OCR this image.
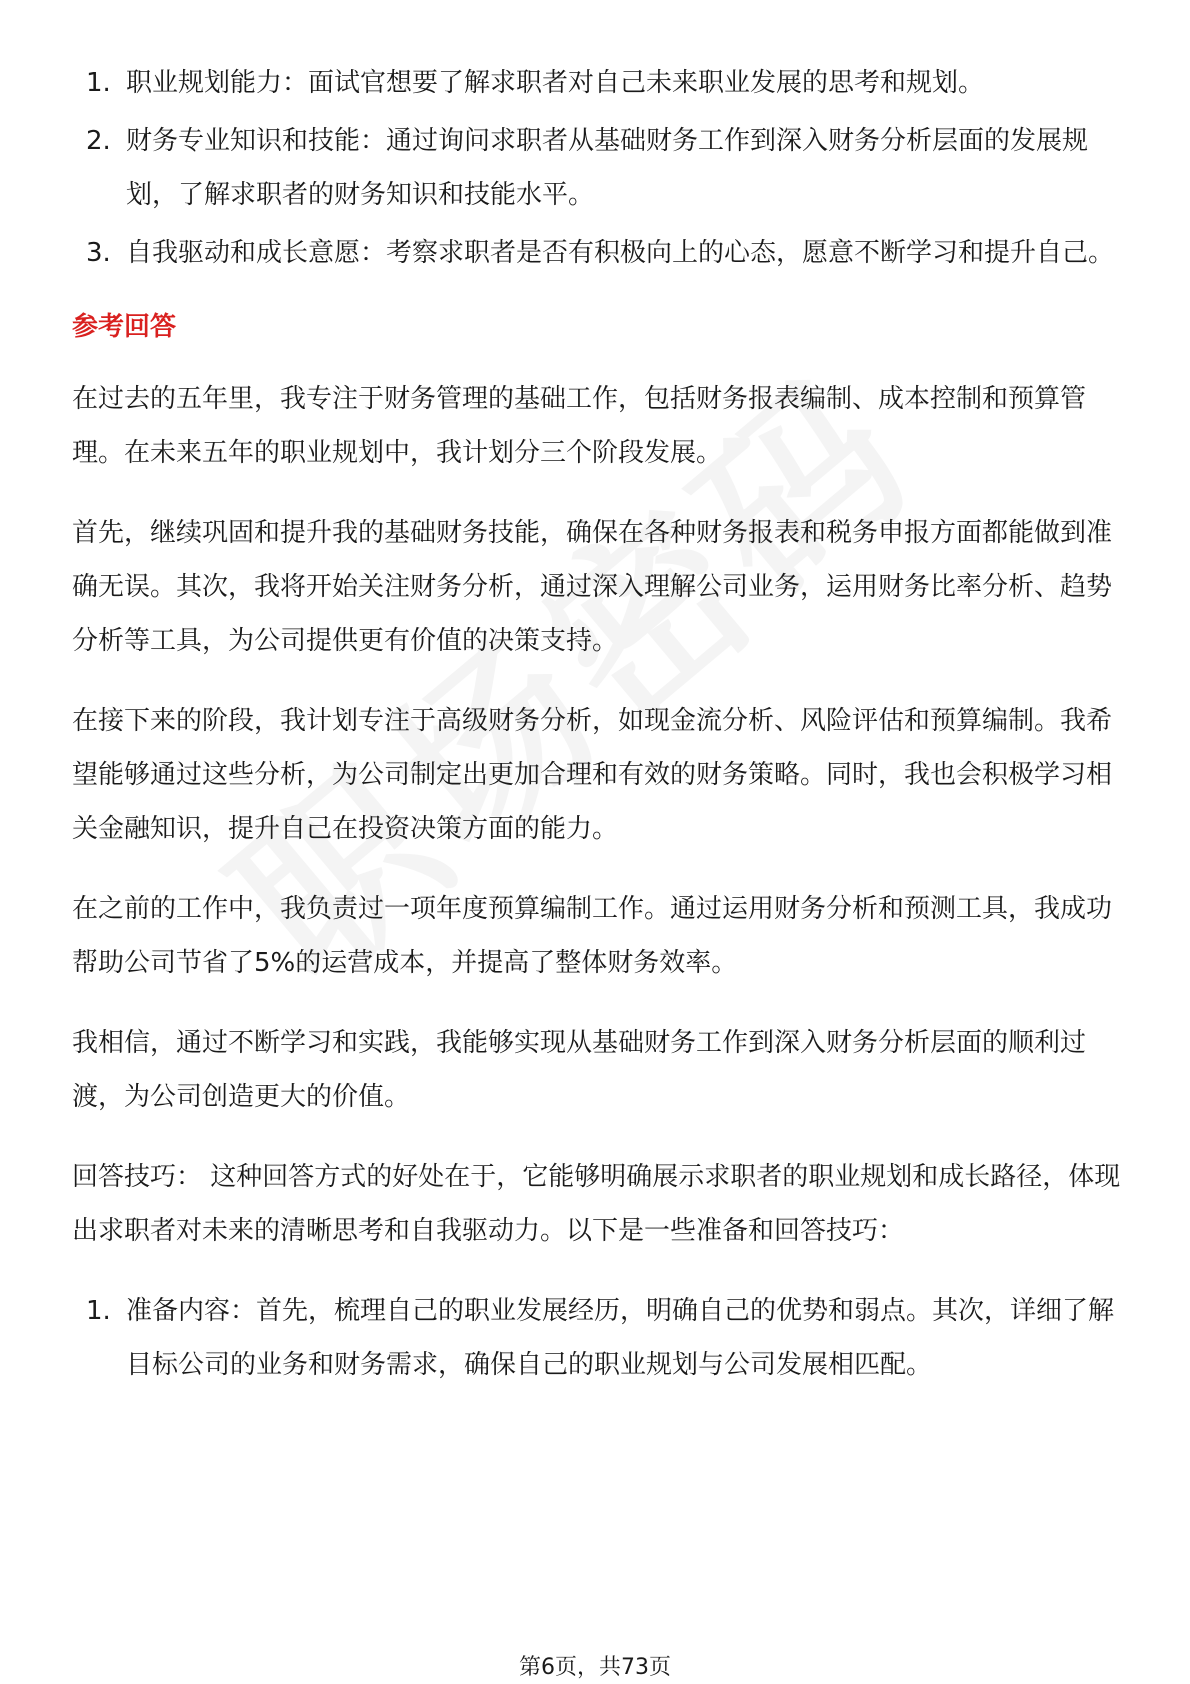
1. 职业规划能力：面试官想要了解求职者对自己未来职业发展的思考和规划。
2. 财务专业知识和技能：通过询问求职者从基础财务工作到深入财务分析层面的发展规划，了解求职者的财务知识和技能水平。
3. 自我驱动和成长意愿：考察求职者是否有积极向上的心态，愿意不断学习和提升自己。
参考回答

在过去的五年里，我专注于财务管理的基础工作，包括财务报表编制、成本控制和预算管理。在未来五年的职业规划中，我计划分三个阶段发展。

首先，继续巩固和提升我的基础财务技能，确保在各种财务报表和税务申报方面都能做到准确无误。其次，我将开始关注财务分析，通过深入理解公司业务，运用财务比率分析、趋势分析等工具，为公司提供更有价值的决策支持。

在接下来的阶段，我计划专注于高级财务分析，如现金流分析、风险评估和预算编制。我希望能够通过这些分析，为公司制定出更加合理和有效的财务策略。同时，我也会积极学习相关金融知识，提升自己在投资决策方面的能力。

在之前的工作中，我负责过一项年度预算编制工作。通过运用财务分析和预测工具，我成功帮助公司节省了5%的运营成本，并提高了整体财务效率。

我相信，通过不断学习和实践，我能够实现从基础财务工作到深入财务分析层面的顺利过渡，为公司创造更大的价值。

回答技巧： 这种回答方式的好处在于，它能够明确展示求职者的职业规划和成长路径，体现出求职者对未来的清晰思考和自我驱动力。以下是一些准备和回答技巧：

1. 准备内容：首先，梳理自己的职业发展经历，明确自己的优势和弱点。其次，详细了解目标公司的业务和财务需求，确保自己的职业规划与公司发展相匹配。
第6页，共73页
